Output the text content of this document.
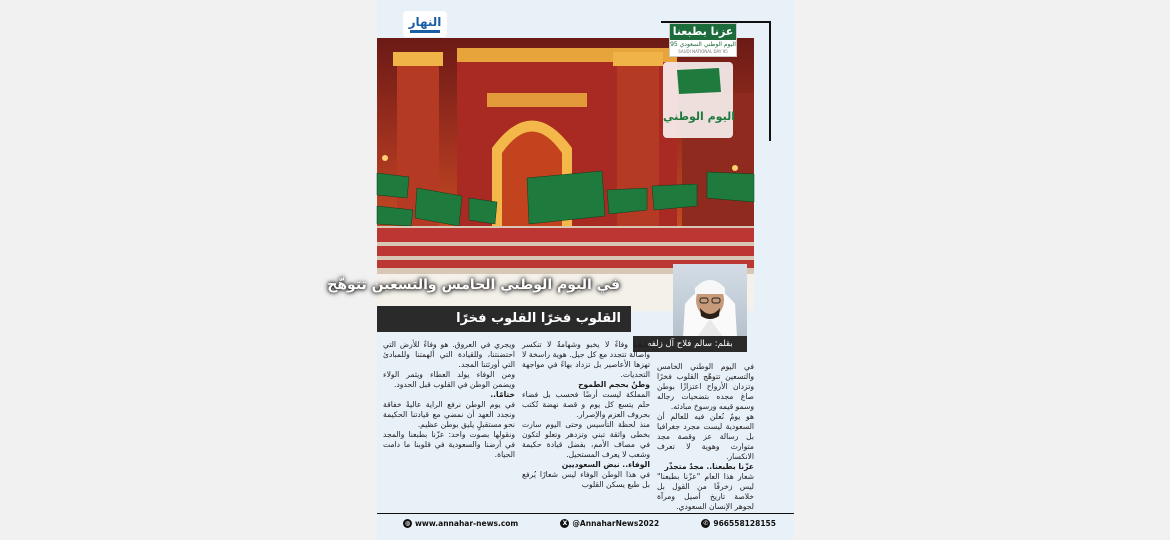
النهار
عزنا بطبعنا
اليوم الوطني السعودي 95
SAUDI NATIONAL DAY 95
اليوم الوطني
في اليوم الوطني الخامس والتسعين تتوهّج
القلوب فخرًا القلوب فخرًا
بقلم: سالم فلاح آل زلفه

في اليوم الوطني الخامس والتسعين تتوهّج القلوب فخرًا وتزدان الأرواح اعتزازًا بوطن صاغ مجده بتضحيات رجاله وسمو قيمه ورسوخ مبادئه.

هو يومٌ نُعلن فيه للعالم أن السعودية ليست مجرد جغرافيا بل رسالة عز وقصة مجد متوارث وهوية لا تعرف الانكسار.

عزّنا بطبعنا.. مجدٌ متجذّر

شعار هذا العام "عزّنا بطبعنا" ليس زخرفًا من القول بل خلاصة تاريخ أصيل ومرآة لجوهر الإنسان السعودي.

طبعٌنا وفاءٌ لا يخبو وشهامةٌ لا تنكسر وأصالة تتجدد مع كل جيل. هوية راسخة لا تهزها الأعاصير بل تزداد بهاءً في مواجهة التحديات.

وطنٌ بحجم الطموح

المملكة ليست أرضًا فحسب بل فضاء حلم يتسع كل يوم و قصة نهضة تُكتب بحروف العزم والإصرار.

منذ لحظة التأسيس وحتى اليوم سارت بخطى واثقة تبني وتزدهر وتعلو لتكون في مصاف الأمم، بفضل قيادة حكيمة وشعب لا يعرف المستحيل.

الوفاء.. نبض السعوديين

في هذا الوطن الوفاء ليس شعارًا يُرفع بل طبع يسكن القلوب

ويجري في العروق. هو وفاءٌ للأرض التي احتضنتنا، وللقيادة التي ألهمتنا وللمبادئ التي أورثتنا المجد.

ومن الوفاء يولد العطاء ويثمر الولاء ويضمن الوطن في القلوب قبل الحدود.

ختامًا..

في يوم الوطن نرفع الراية عاليةً خفاقة ونجدد العهد أن نمضي مع قيادتنا الحكيمة نحو مستقبلٍ يليق بوطن عظيم.

ونقولها بصوت واحد: عزّنا بطبعنا والمجد في أرضنا والسعودية في قلوبنا ما دامت الحياة.

◍ www.annahar-news.com	X @AnnaharNews2022	✆ 966558128155
